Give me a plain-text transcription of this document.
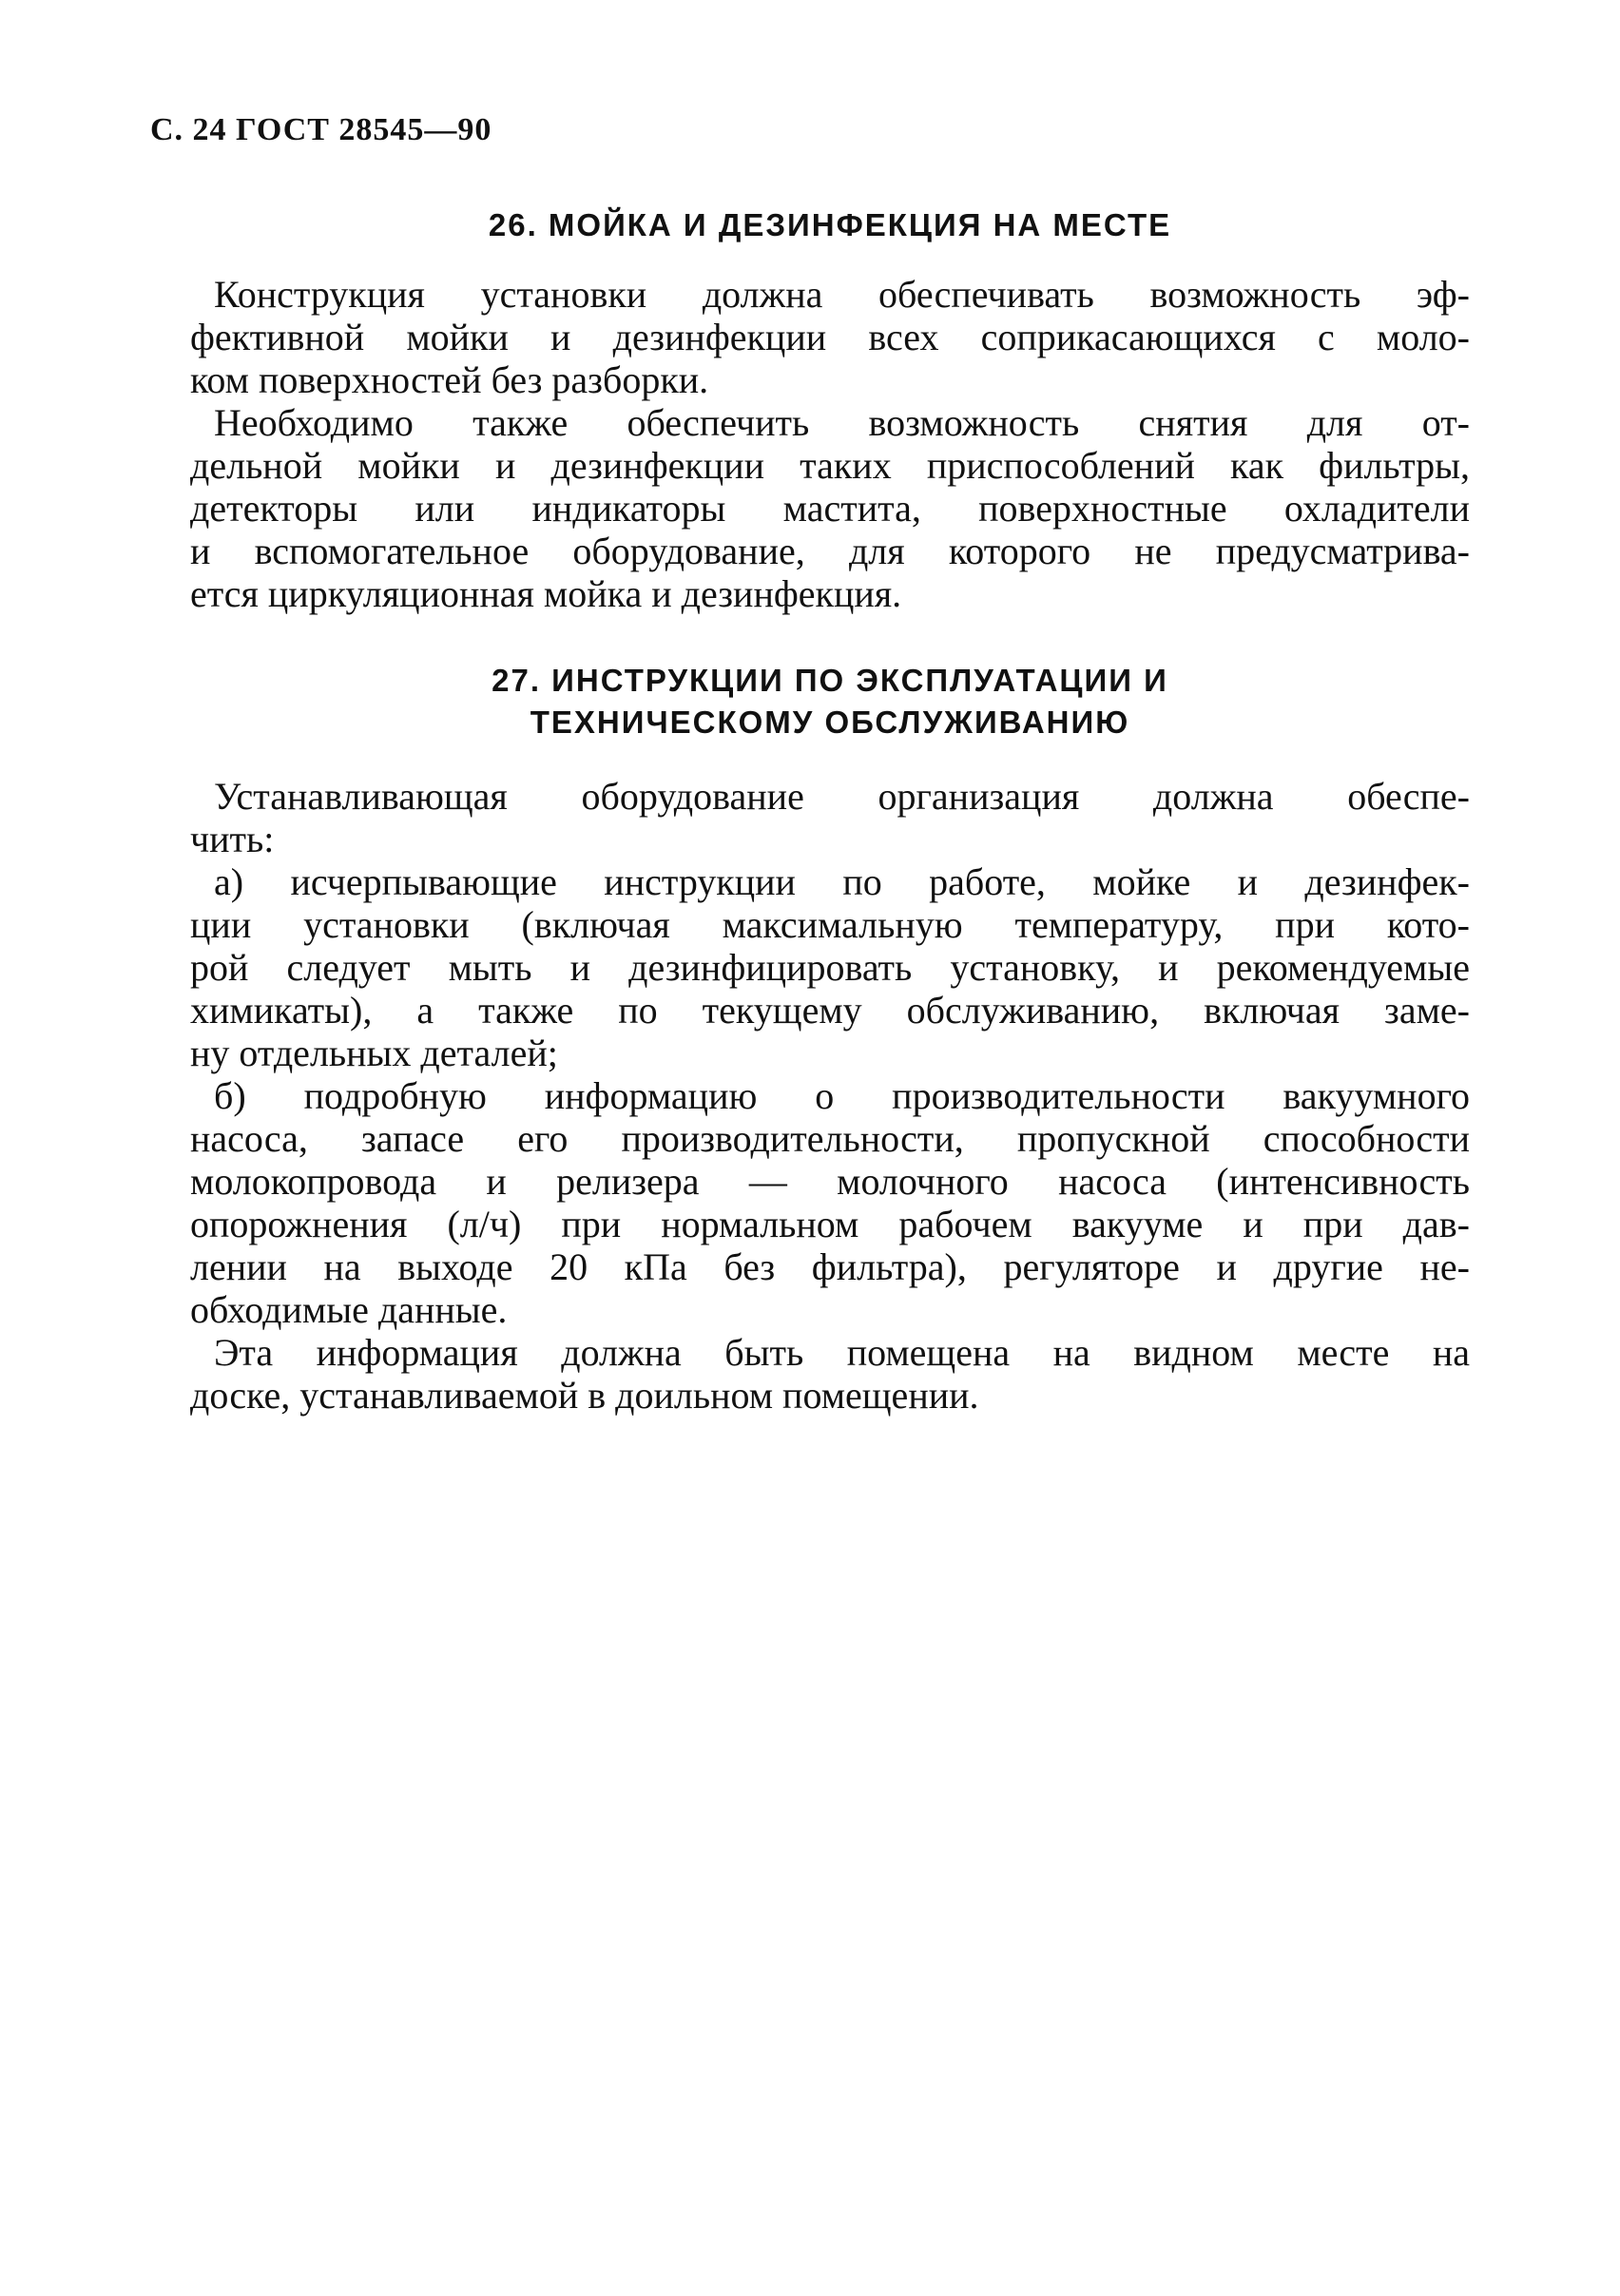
С. 24 ГОСТ 28545—90
26. МОЙКА И ДЕЗИНФЕКЦИЯ НА МЕСТЕ

Конструкция установки должна обеспечивать возможность эф-
фективной мойки и дезинфекции всех соприкасающихся с моло-
ком поверхностей без разборки.

Необходимо также обеспечить возможность снятия для от-
дельной мойки и дезинфекции таких приспособлений как фильтры,
детекторы или индикаторы мастита, поверхностные охладители
и вспомогательное оборудование, для которого не предусматрива-
ется циркуляционная мойка и дезинфекция.

27. ИНСТРУКЦИИ ПО ЭКСПЛУАТАЦИИ И
ТЕХНИЧЕСКОМУ ОБСЛУЖИВАНИЮ

Устанавливающая оборудование организация должна обеспе-
чить:

а) исчерпывающие инструкции по работе, мойке и дезинфек-
ции установки (включая максимальную температуру, при кото-
рой следует мыть и дезинфицировать установку, и рекомендуемые
химикаты), а также по текущему обслуживанию, включая заме-
ну отдельных деталей;

б) подробную информацию о производительности вакуумного
насоса, запасе его производительности, пропускной способности
молокопровода и релизера — молочного насоса (интенсивность
опорожнения (л/ч) при нормальном рабочем вакууме и при дав-
лении на выходе 20 кПа без фильтра), регуляторе и другие не-
обходимые данные.

Эта информация должна быть помещена на видном месте на
доске, устанавливаемой в доильном помещении.
